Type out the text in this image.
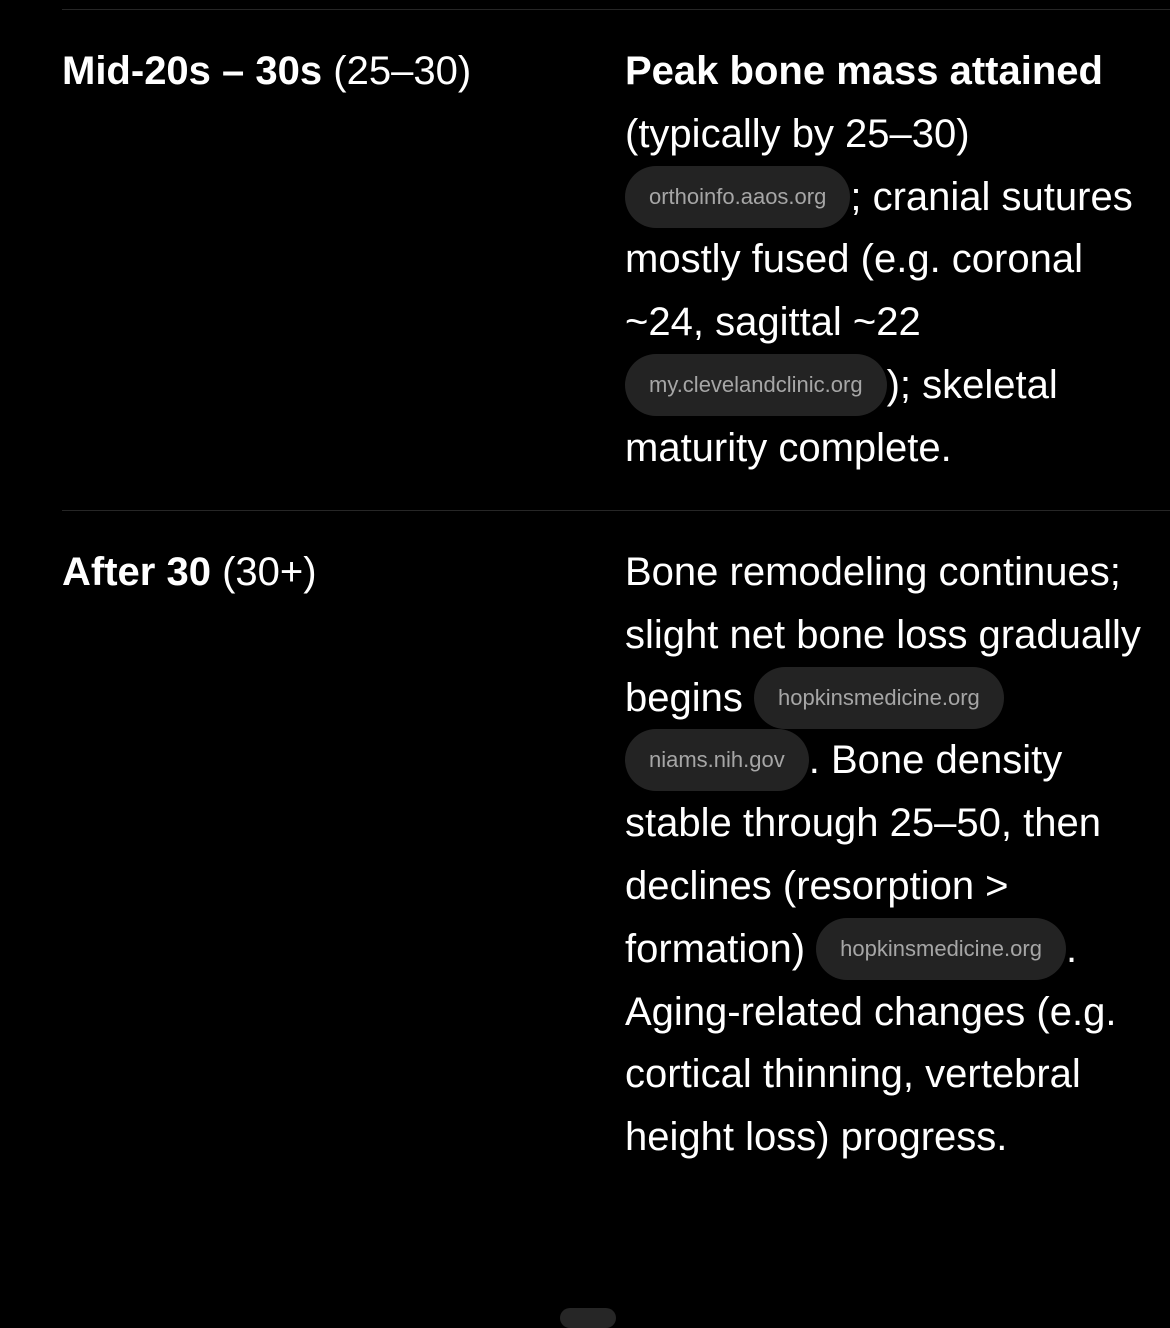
Mid-20s – 30s (25–30)	Peak bone mass attained (typically by 25–30) orthoinfo.aaos.org ; cranial sutures mostly fused (e.g. coronal ~24, sagittal ~22 my.clevelandclinic.org ); skeletal maturity complete.
After 30 (30+)	Bone remodeling continues; slight net bone loss gradually begins hopkinsmedicine.org niams.nih.gov . Bone density stable through 25–50, then declines (resorption > formation) hopkinsmedicine.org . Aging-related changes (e.g. cortical thinning, vertebral height loss) progress.
